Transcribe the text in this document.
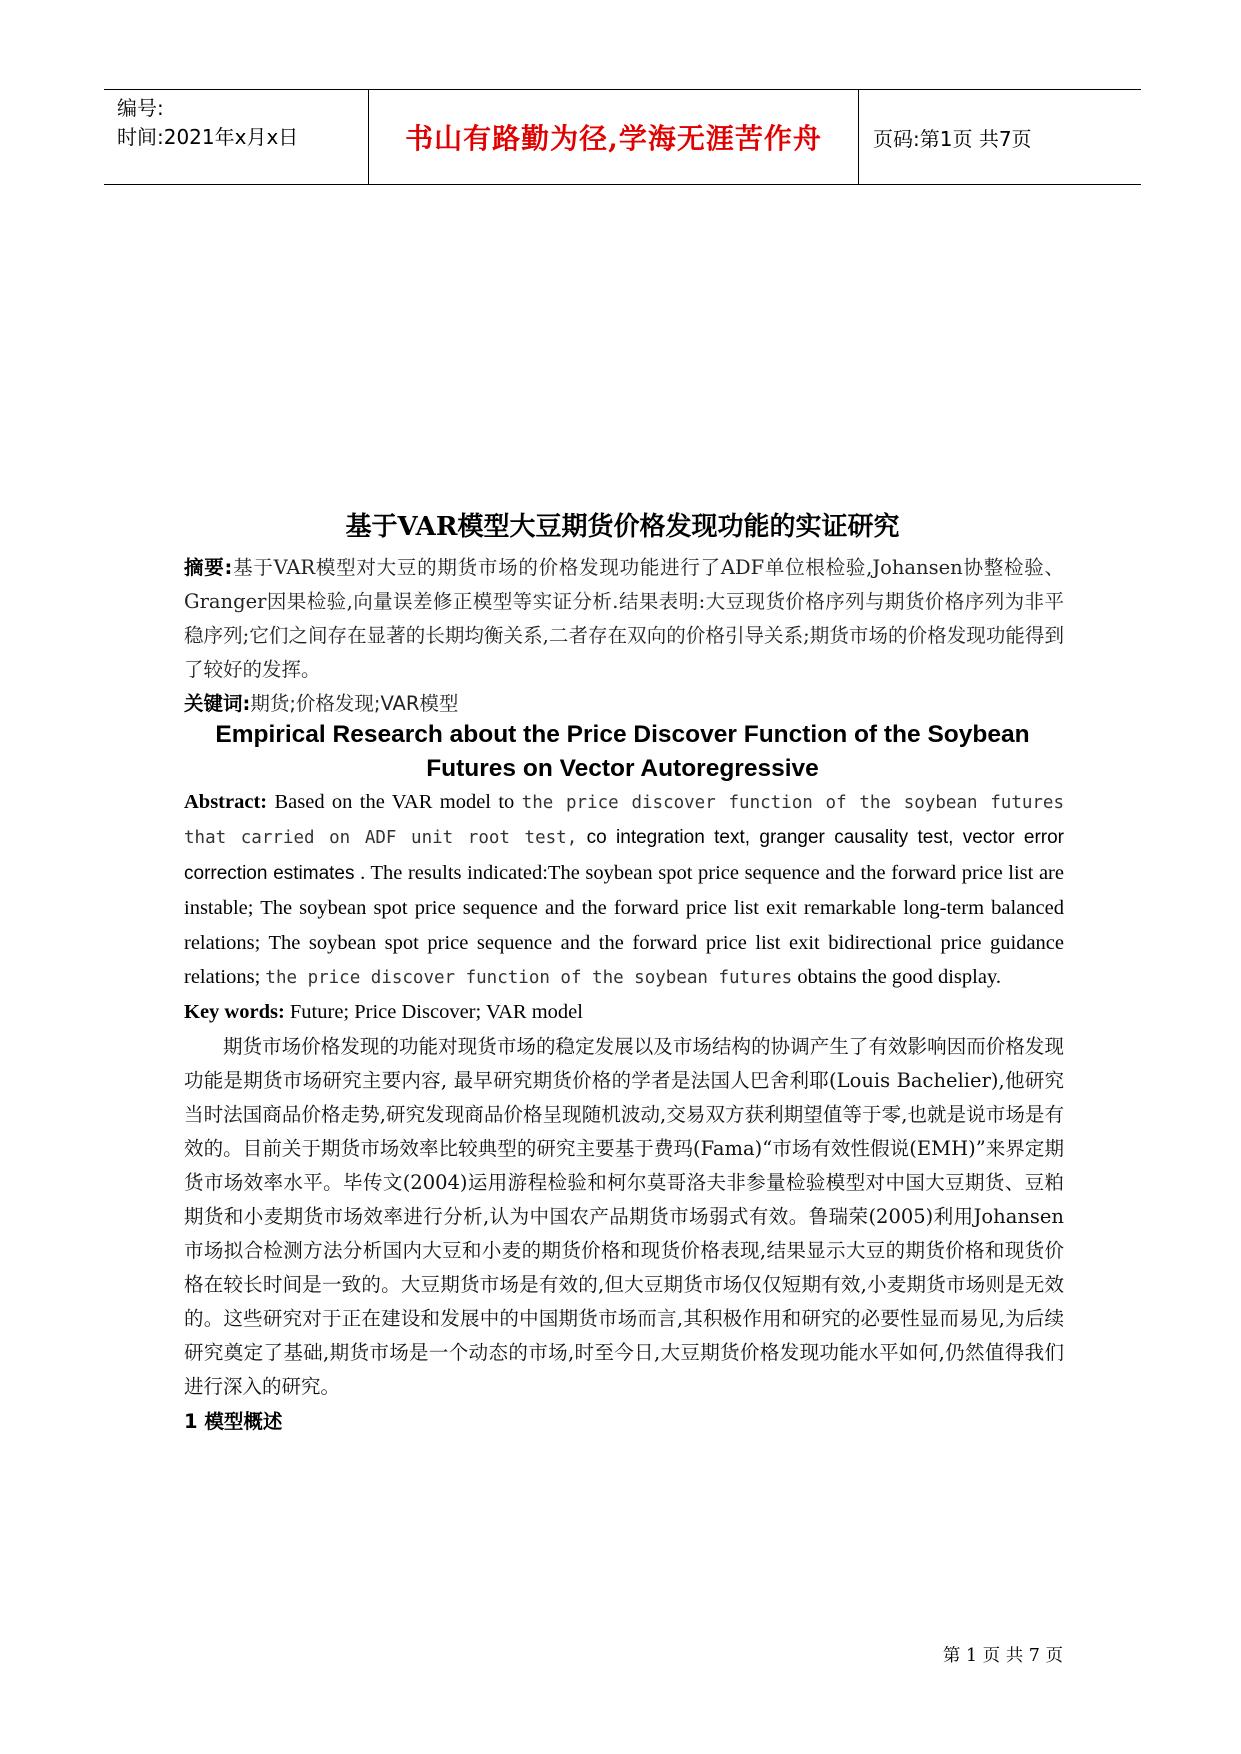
编号:
时间:2021年x月x日	书山有路勤为径,学海无涯苦作舟	页码:第1页 共7页
基于VAR模型大豆期货价格发现功能的实证研究

摘要:基于VAR模型对大豆的期货市场的价格发现功能进行了ADF单位根检验,Johansen协整检验、Granger因果检验,向量误差修正模型等实证分析.结果表明:大豆现货价格序列与期货价格序列为非平稳序列;它们之间存在显著的长期均衡关系,二者存在双向的价格引导关系;期货市场的价格发现功能得到了较好的发挥。

关键词:期货;价格发现;VAR模型

Empirical Research about the Price Discover Function of the Soybean
Futures on Vector Autoregressive

Abstract: Based on the VAR model to the price discover function of the soybean futures that carried on ADF unit root test, co integration text, granger causality test, vector error correction estimates . The results indicated:The soybean spot price sequence and the forward price list are instable; The soybean spot price sequence and the forward price list exit remarkable long-term balanced relations; The soybean spot price sequence and the forward price list exit bidirectional price guidance relations; the price discover function of the soybean futures obtains the good display.

Key words: Future; Price Discover; VAR model

期货市场价格发现的功能对现货市场的稳定发展以及市场结构的协调产生了有效影响因而价格发现功能是期货市场研究主要内容, 最早研究期货价格的学者是法国人巴舍利耶(Louis Bachelier),他研究当时法国商品价格走势,研究发现商品价格呈现随机波动,交易双方获利期望值等于零,也就是说市场是有效的。目前关于期货市场效率比较典型的研究主要基于费玛(Fama)“市场有效性假说(EMH)”来界定期货市场效率水平。毕传文(2004)运用游程检验和柯尔莫哥洛夫非参量检验模型对中国大豆期货、豆粕期货和小麦期货市场效率进行分析,认为中国农产品期货市场弱式有效。鲁瑞荣(2005)利用Johansen市场拟合检测方法分析国内大豆和小麦的期货价格和现货价格表现,结果显示大豆的期货价格和现货价格在较长时间是一致的。大豆期货市场是有效的,但大豆期货市场仅仅短期有效,小麦期货市场则是无效的。这些研究对于正在建设和发展中的中国期货市场而言,其积极作用和研究的必要性显而易见,为后续研究奠定了基础,期货市场是一个动态的市场,时至今日,大豆期货价格发现功能水平如何,仍然值得我们进行深入的研究。

1 模型概述

第 1 页 共 7 页
